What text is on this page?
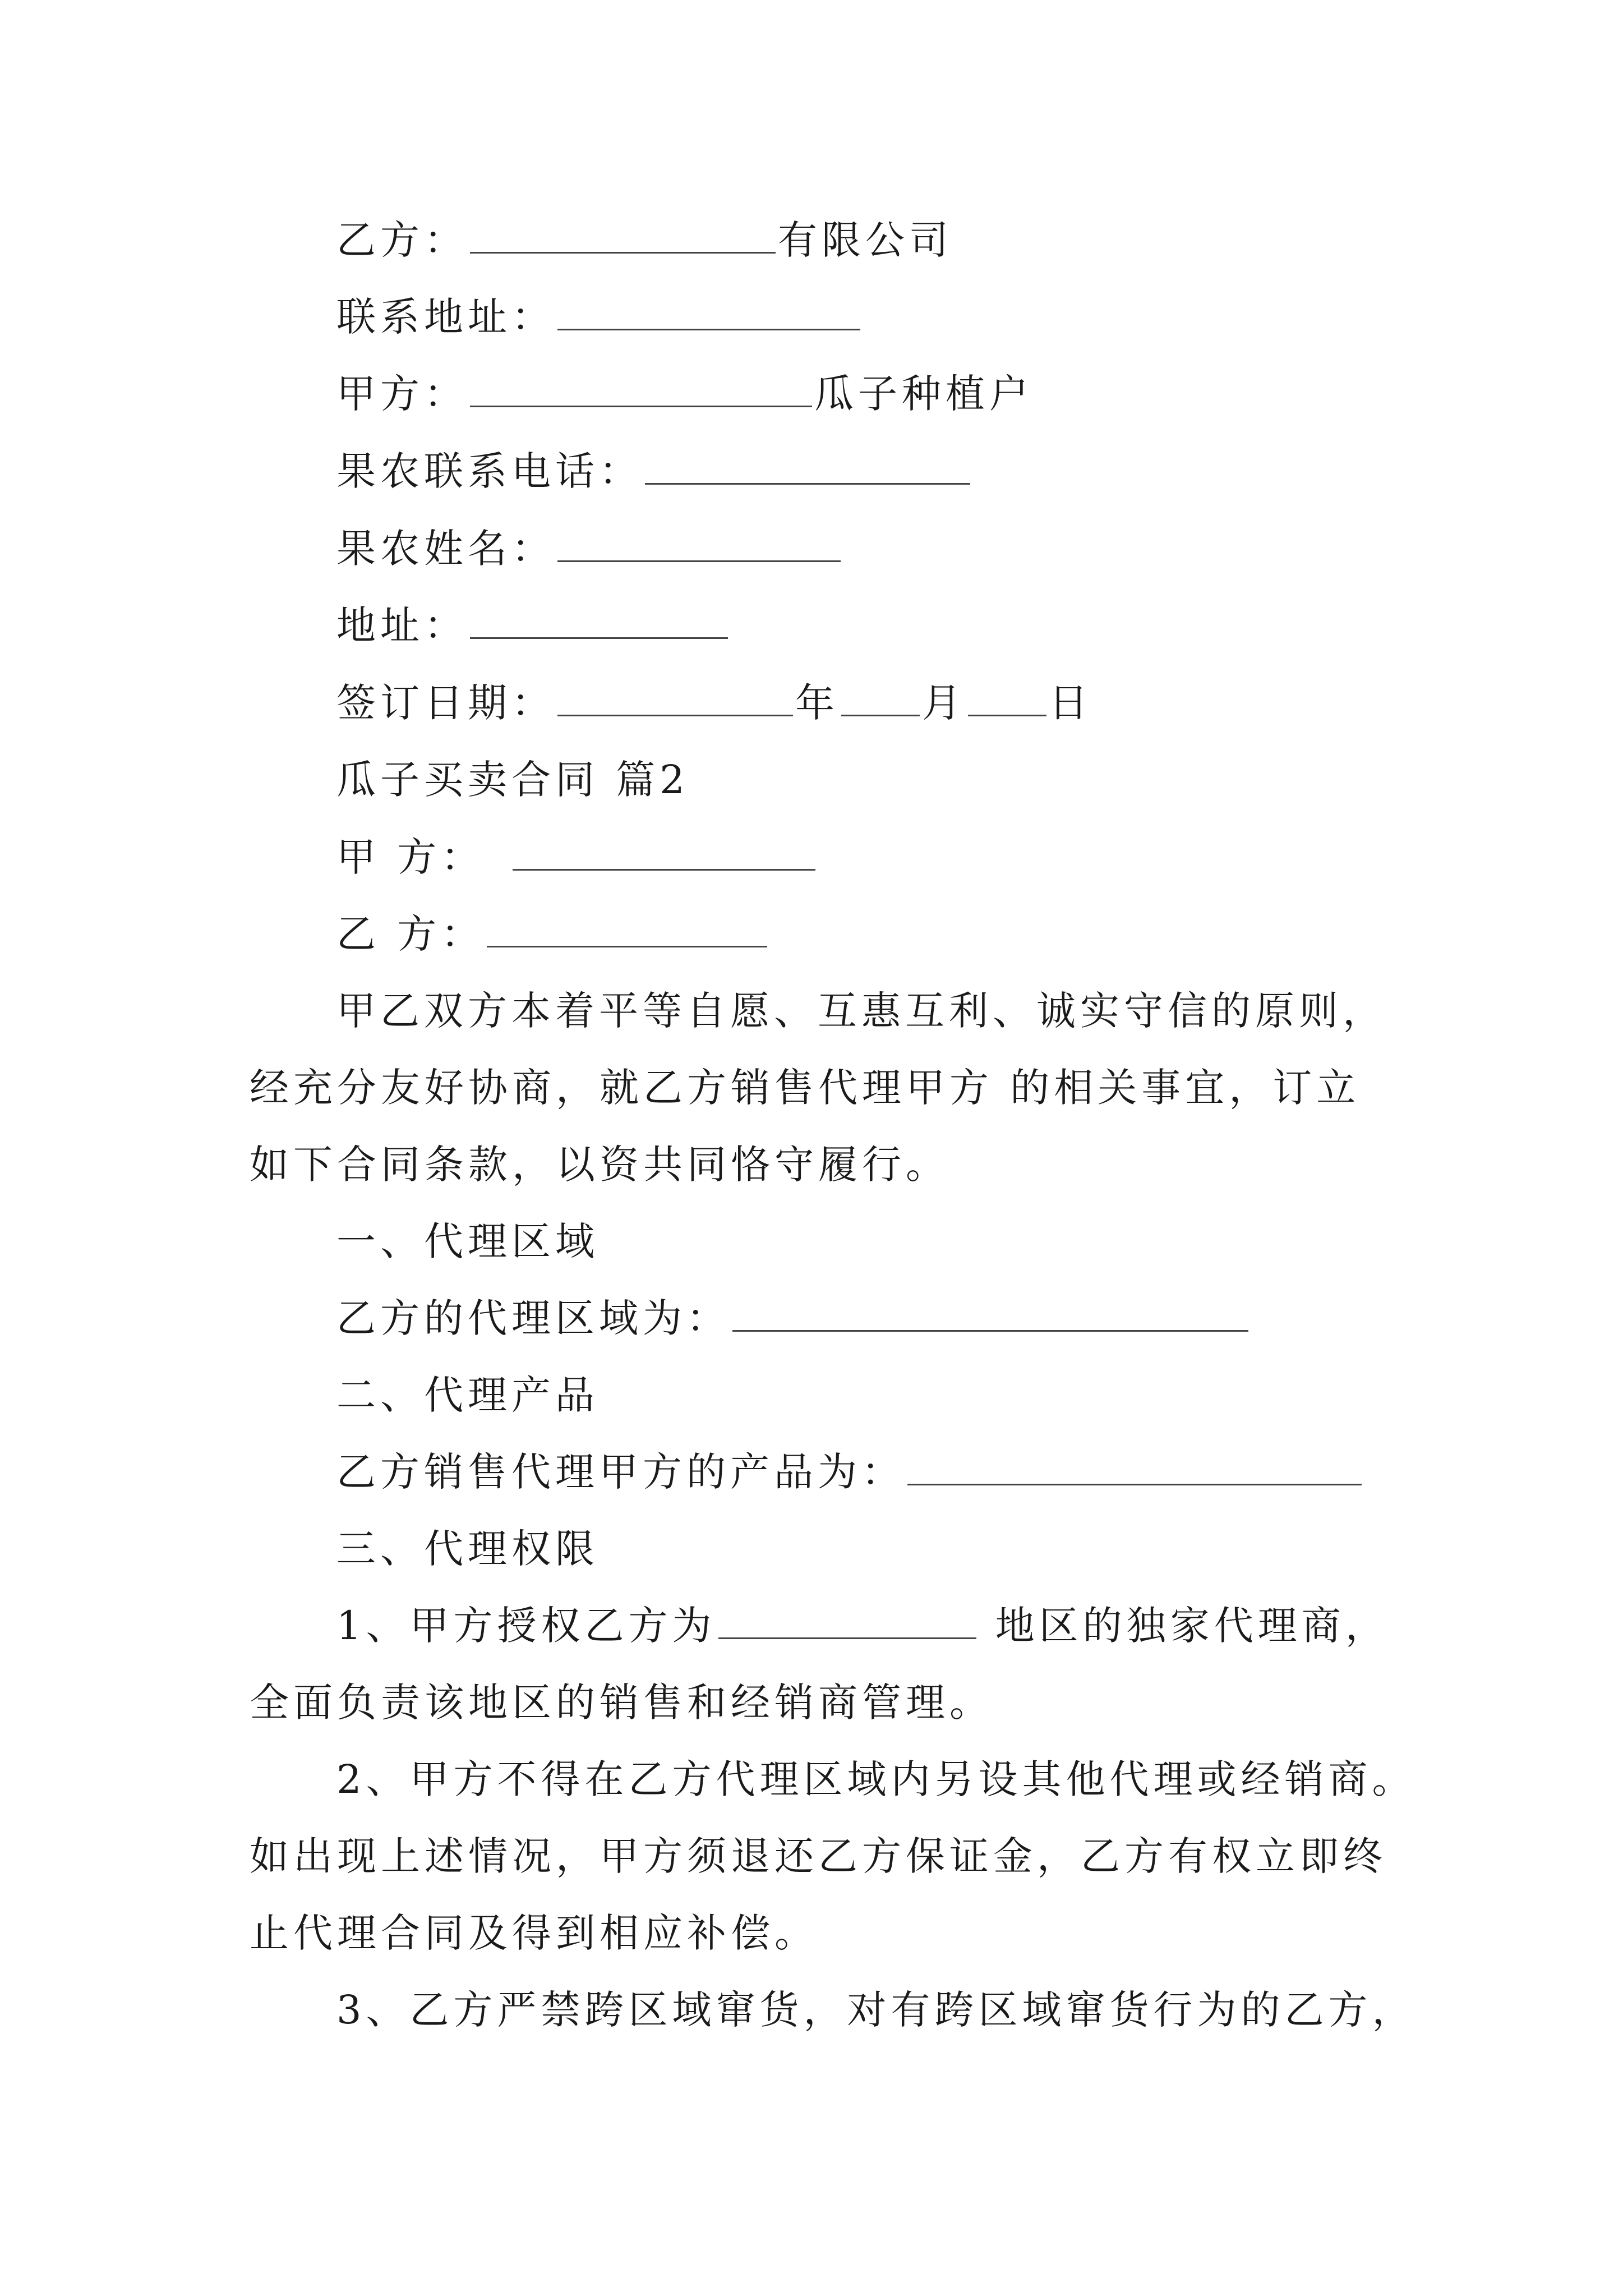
乙方：	有限公司
联系地址：
甲方：	瓜子种植户
果农联系电话：
果农姓名：
地址：
签订日期：	年 月 日
瓜子买卖合同 篇2
甲 方：
乙 方：
甲乙双方本着平等自愿、互惠互利、诚实守信的原则，
经充分友好协商，就乙方销售代理甲方 的相关事宜，订立
如下合同条款，以资共同恪守履行。
一、代理区域
乙方的代理区域为：
二、代理产品
乙方销售代理甲方的产品为：
三、代理权限
1、甲方授权乙方为	地区的独家代理商，
全面负责该地区的销售和经销商管理。
2、甲方不得在乙方代理区域内另设其他代理或经销商。
如出现上述情况，甲方须退还乙方保证金，乙方有权立即终
止代理合同及得到相应补偿。
3、乙方严禁跨区域窜货，对有跨区域窜货行为的乙方，
